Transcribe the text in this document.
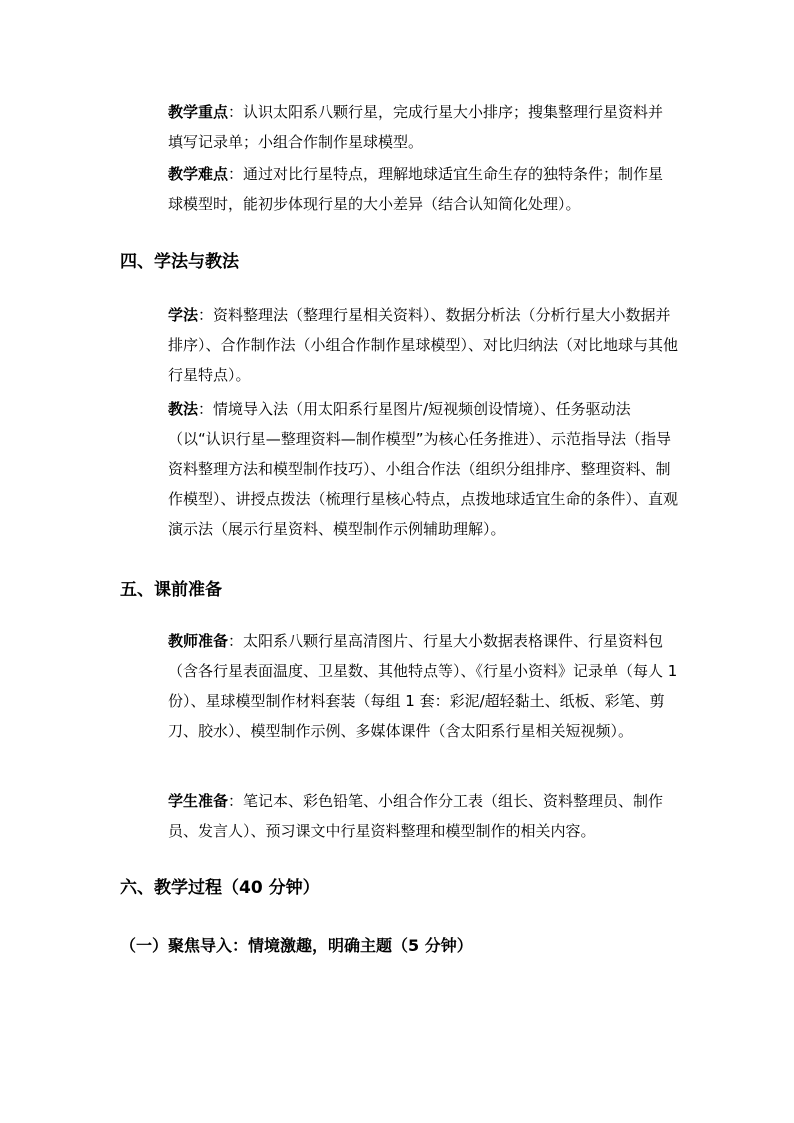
教学重点：认识太阳系八颗行星，完成行星大小排序；搜集整理行星资料并填写记录单；小组合作制作星球模型。

教学难点：通过对比行星特点，理解地球适宜生命生存的独特条件；制作星球模型时，能初步体现行星的大小差异（结合认知简化处理）。

四、学法与教法

学法：资料整理法（整理行星相关资料）、数据分析法（分析行星大小数据并排序）、合作制作法（小组合作制作星球模型）、对比归纳法（对比地球与其他行星特点）。

教法：情境导入法（用太阳系行星图片/短视频创设情境）、任务驱动法（以“认识行星—整理资料—制作模型”为核心任务推进）、示范指导法（指导资料整理方法和模型制作技巧）、小组合作法（组织分组排序、整理资料、制作模型）、讲授点拨法（梳理行星核心特点，点拨地球适宜生命的条件）、直观演示法（展示行星资料、模型制作示例辅助理解）。

五、课前准备

教师准备：太阳系八颗行星高清图片、行星大小数据表格课件、行星资料包（含各行星表面温度、卫星数、其他特点等）、《行星小资料》记录单（每人 1 份）、星球模型制作材料套装（每组 1 套：彩泥/超轻黏土、纸板、彩笔、剪刀、胶水）、模型制作示例、多媒体课件（含太阳系行星相关短视频）。

学生准备：笔记本、彩色铅笔、小组合作分工表（组长、资料整理员、制作员、发言人）、预习课文中行星资料整理和模型制作的相关内容。

六、教学过程（40 分钟）
（一）聚焦导入：情境激趣，明确主题（5 分钟）
